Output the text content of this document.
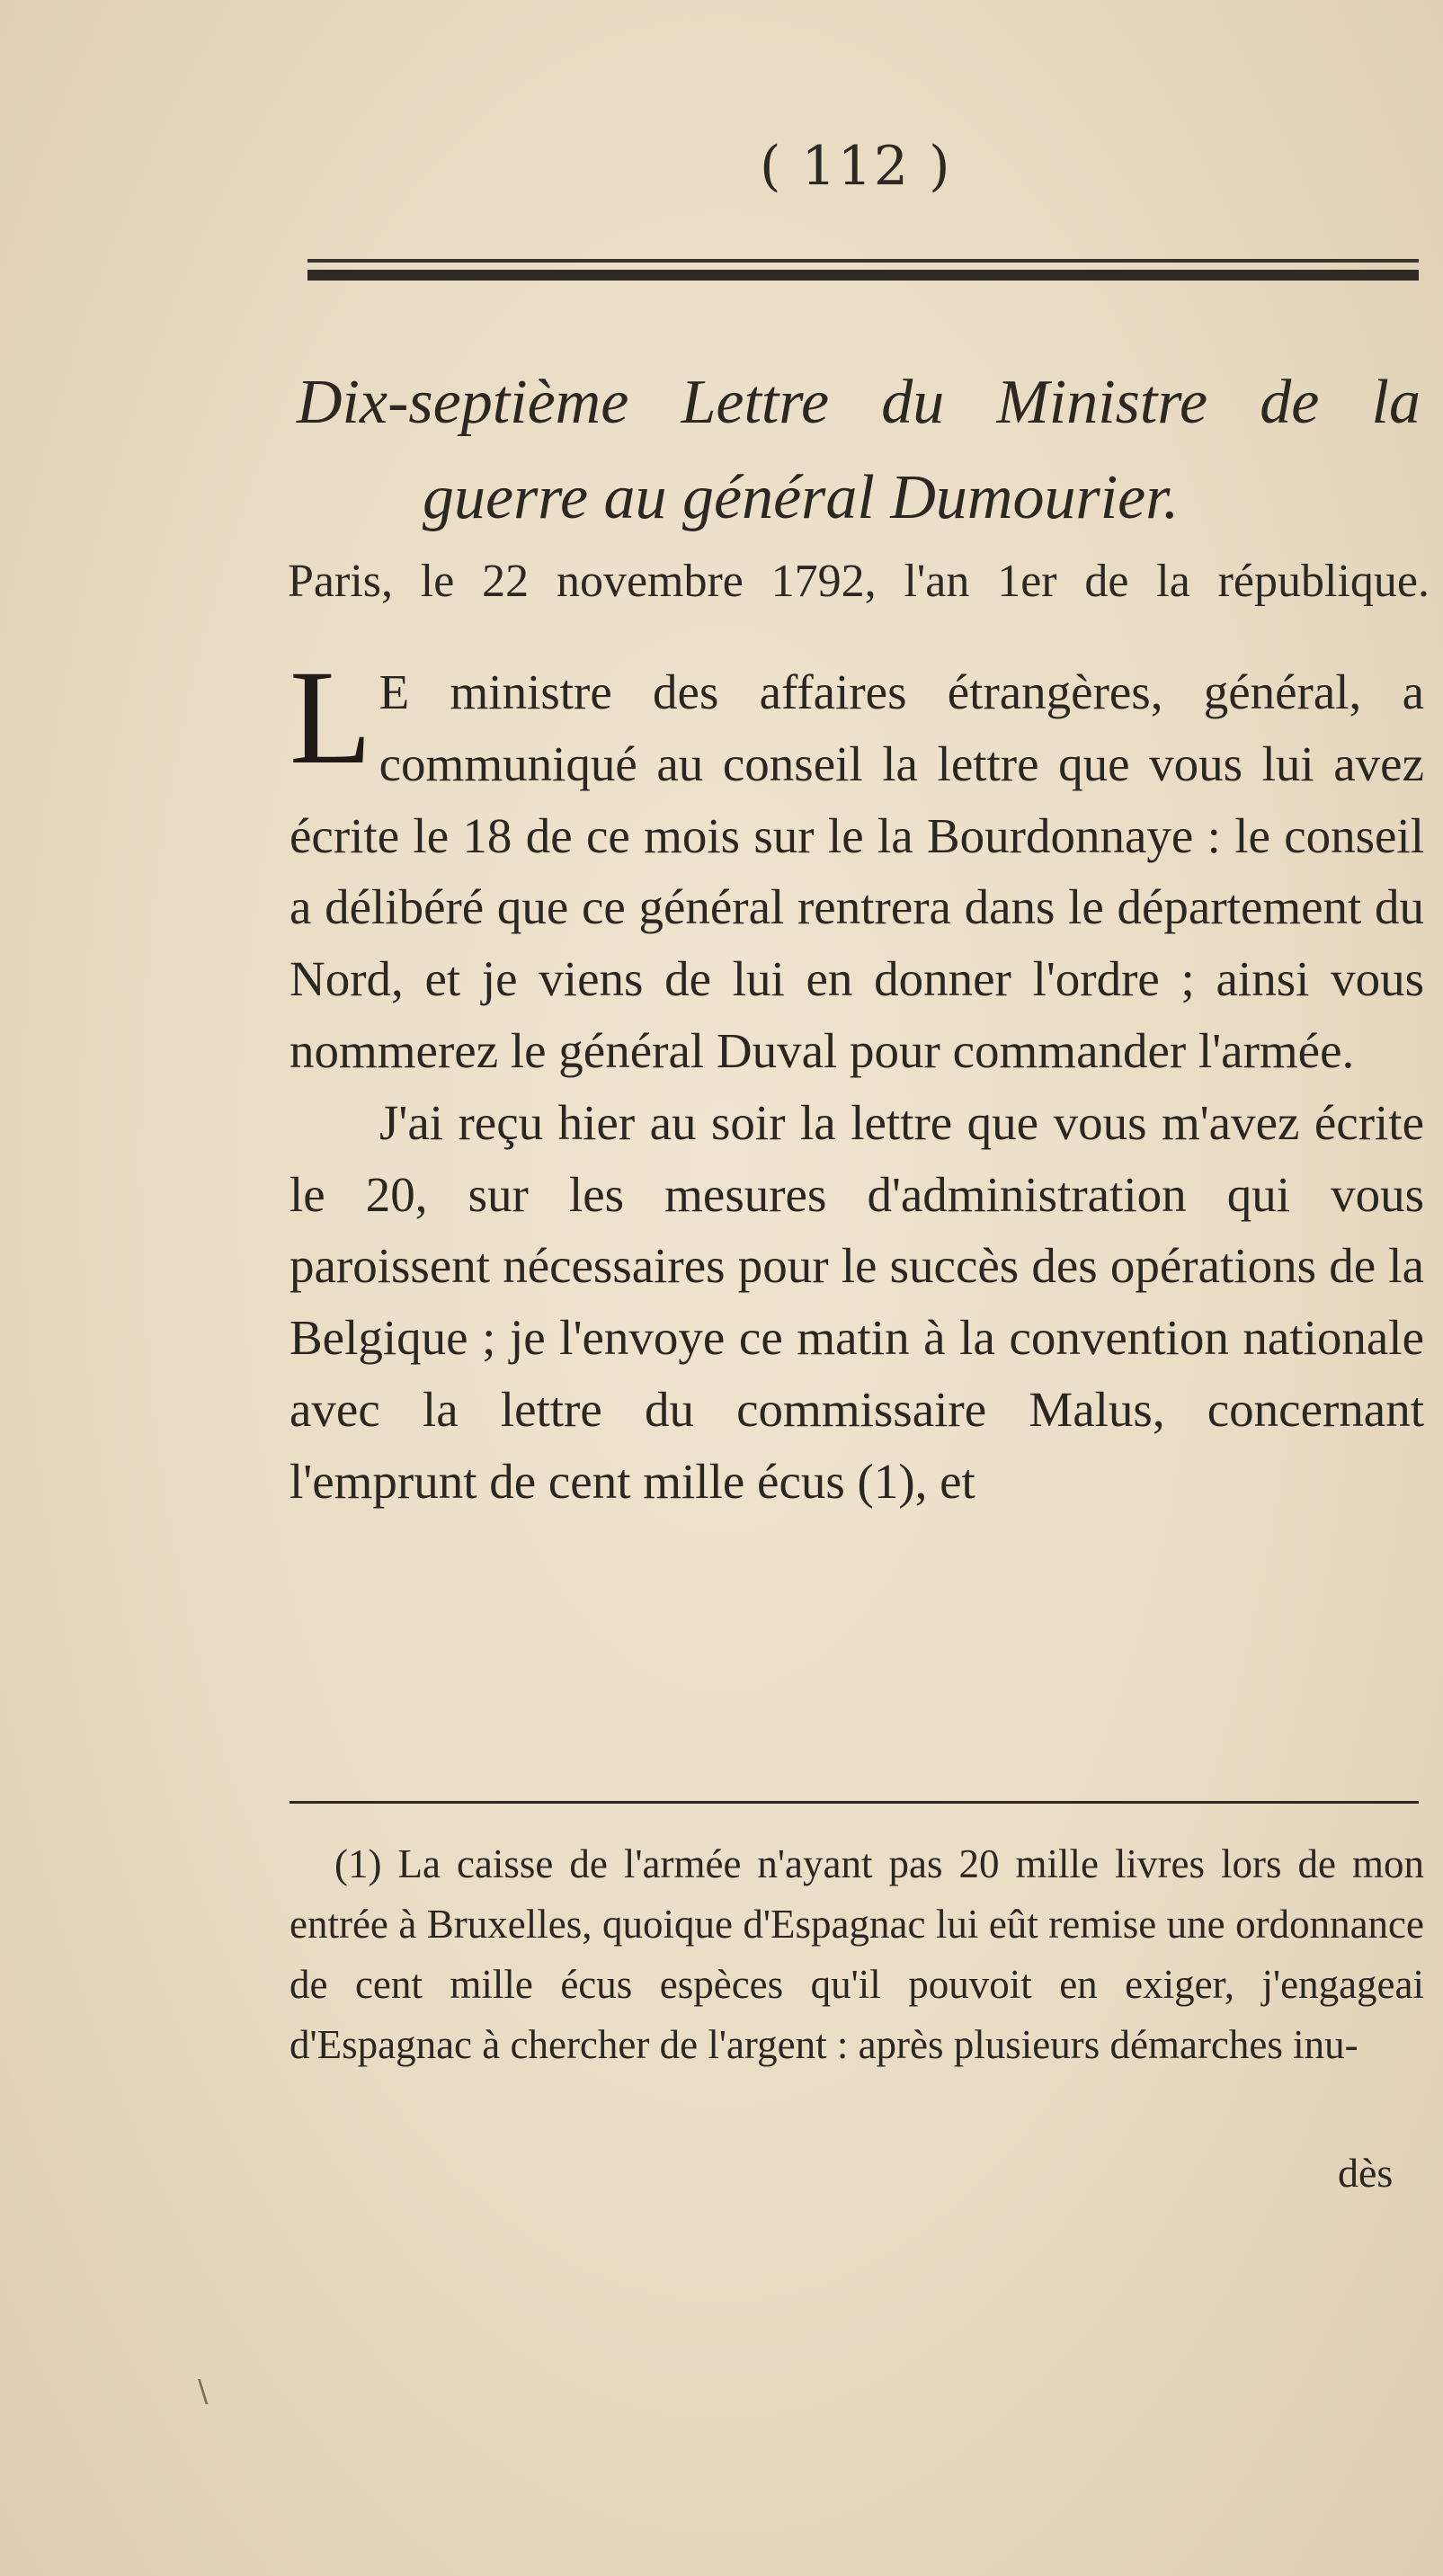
( 112 )
Dix-septième Lettre du Ministre de la
guerre au général Dumourier.
Paris, le 22 novembre 1792, l'an 1er de la république.

L E ministre des affaires étrangères, général, a communiqué au conseil la lettre que vous lui avez écrite le 18 de ce mois sur le la Bourdonnaye : le conseil a délibéré que ce général rentrera dans le département du Nord, et je viens de lui en donner l'ordre ; ainsi vous nommerez le général Duval pour commander l'armée.

J'ai reçu hier au soir la lettre que vous m'avez écrite le 20, sur les mesures d'administration qui vous paroissent nécessaires pour le succès des opérations de la Belgique ; je l'envoye ce matin à la convention nationale avec la lettre du commissaire Malus, concernant l'emprunt de cent mille écus (1), et

(1) La caisse de l'armée n'ayant pas 20 mille livres lors de mon entrée à Bruxelles, quoique d'Espagnac lui eût remise une ordonnance de cent mille écus espèces qu'il pouvoit en exiger, j'engageai d'Espagnac à chercher de l'argent : après plusieurs démarches inu-

dès
\
